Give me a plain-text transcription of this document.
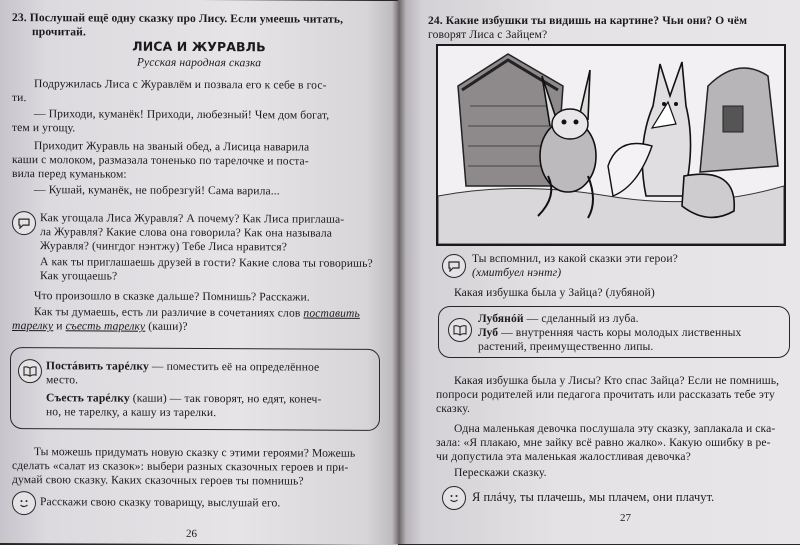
23. Послушай ещё одну сказку про Лису. Если умеешь читать,
прочитай.
ЛИСА И ЖУРАВЛЬ
Русская народная сказка
Подружилась Лиса с Журавлём и позвала его к себе в гос-
ти.
— Приходи, куманёк! Приходи, любезный! Чем дом богат,
тем и угощу.
Приходит Журавль на званый обед, а Лисица наварила
каши с молоком, размазала тоненько по тарелочке и поста-
вила перед куманьком:
— Кушай, куманёк, не побрезгуй! Сама варила...
Как угощала Лиса Журавля? А почему? Как Лиса приглаша-
ла Журавля? Какие слова она говорила? Как она называла
Журавля? (чингдог нэнтжу) Тебе Лиса нравится?
А как ты приглашаешь друзей в гости? Какие слова ты говоришь?
Как угощаешь?
Что произошло в сказке дальше? Помнишь? Расскажи.
Как ты думаешь, есть ли различие в сочетаниях слов поставить
тарелку и съесть тарелку (каши)?
Постáвить тарéлку — поместить её на определённое
место.
Съесть тарéлку (каши) — так говорят, но едят, конеч-
но, не тарелку, а кашу из тарелки.
Ты можешь придумать новую сказку с этими героями? Можешь
сделать «салат из сказок»: выбери разных сказочных героев и при-
думай свою сказку. Каких сказочных героев ты помнишь?
Расскажи свою сказку товарищу, выслушай его.
26
24. Какие избушки ты видишь на картине? Чьи они? О чём
говорят Лиса с Зайцем?
Ты вспомнил, из какой сказки эти герои?
(хмитбуел нэнтг)
Какая избушка была у Зайца? (лубяной)
Лубянóй — сделанный из луба.
Луб — внутренняя часть коры молодых лиственных
растений, преимущественно липы.
Какая избушка была у Лисы? Кто спас Зайца? Если не помнишь,
попроси родителей или педагога прочитать или рассказать тебе эту
сказку.
Одна маленькая девочка послушала эту сказку, заплакала и ска-
зала: «Я плакаю, мне зайку всё равно жалко». Какую ошибку в ре-
чи допустила эта маленькая жалостливая девочка?
Перескажи сказку.
Я плáчу, ты плачешь, мы плачем, они плачут.
27
